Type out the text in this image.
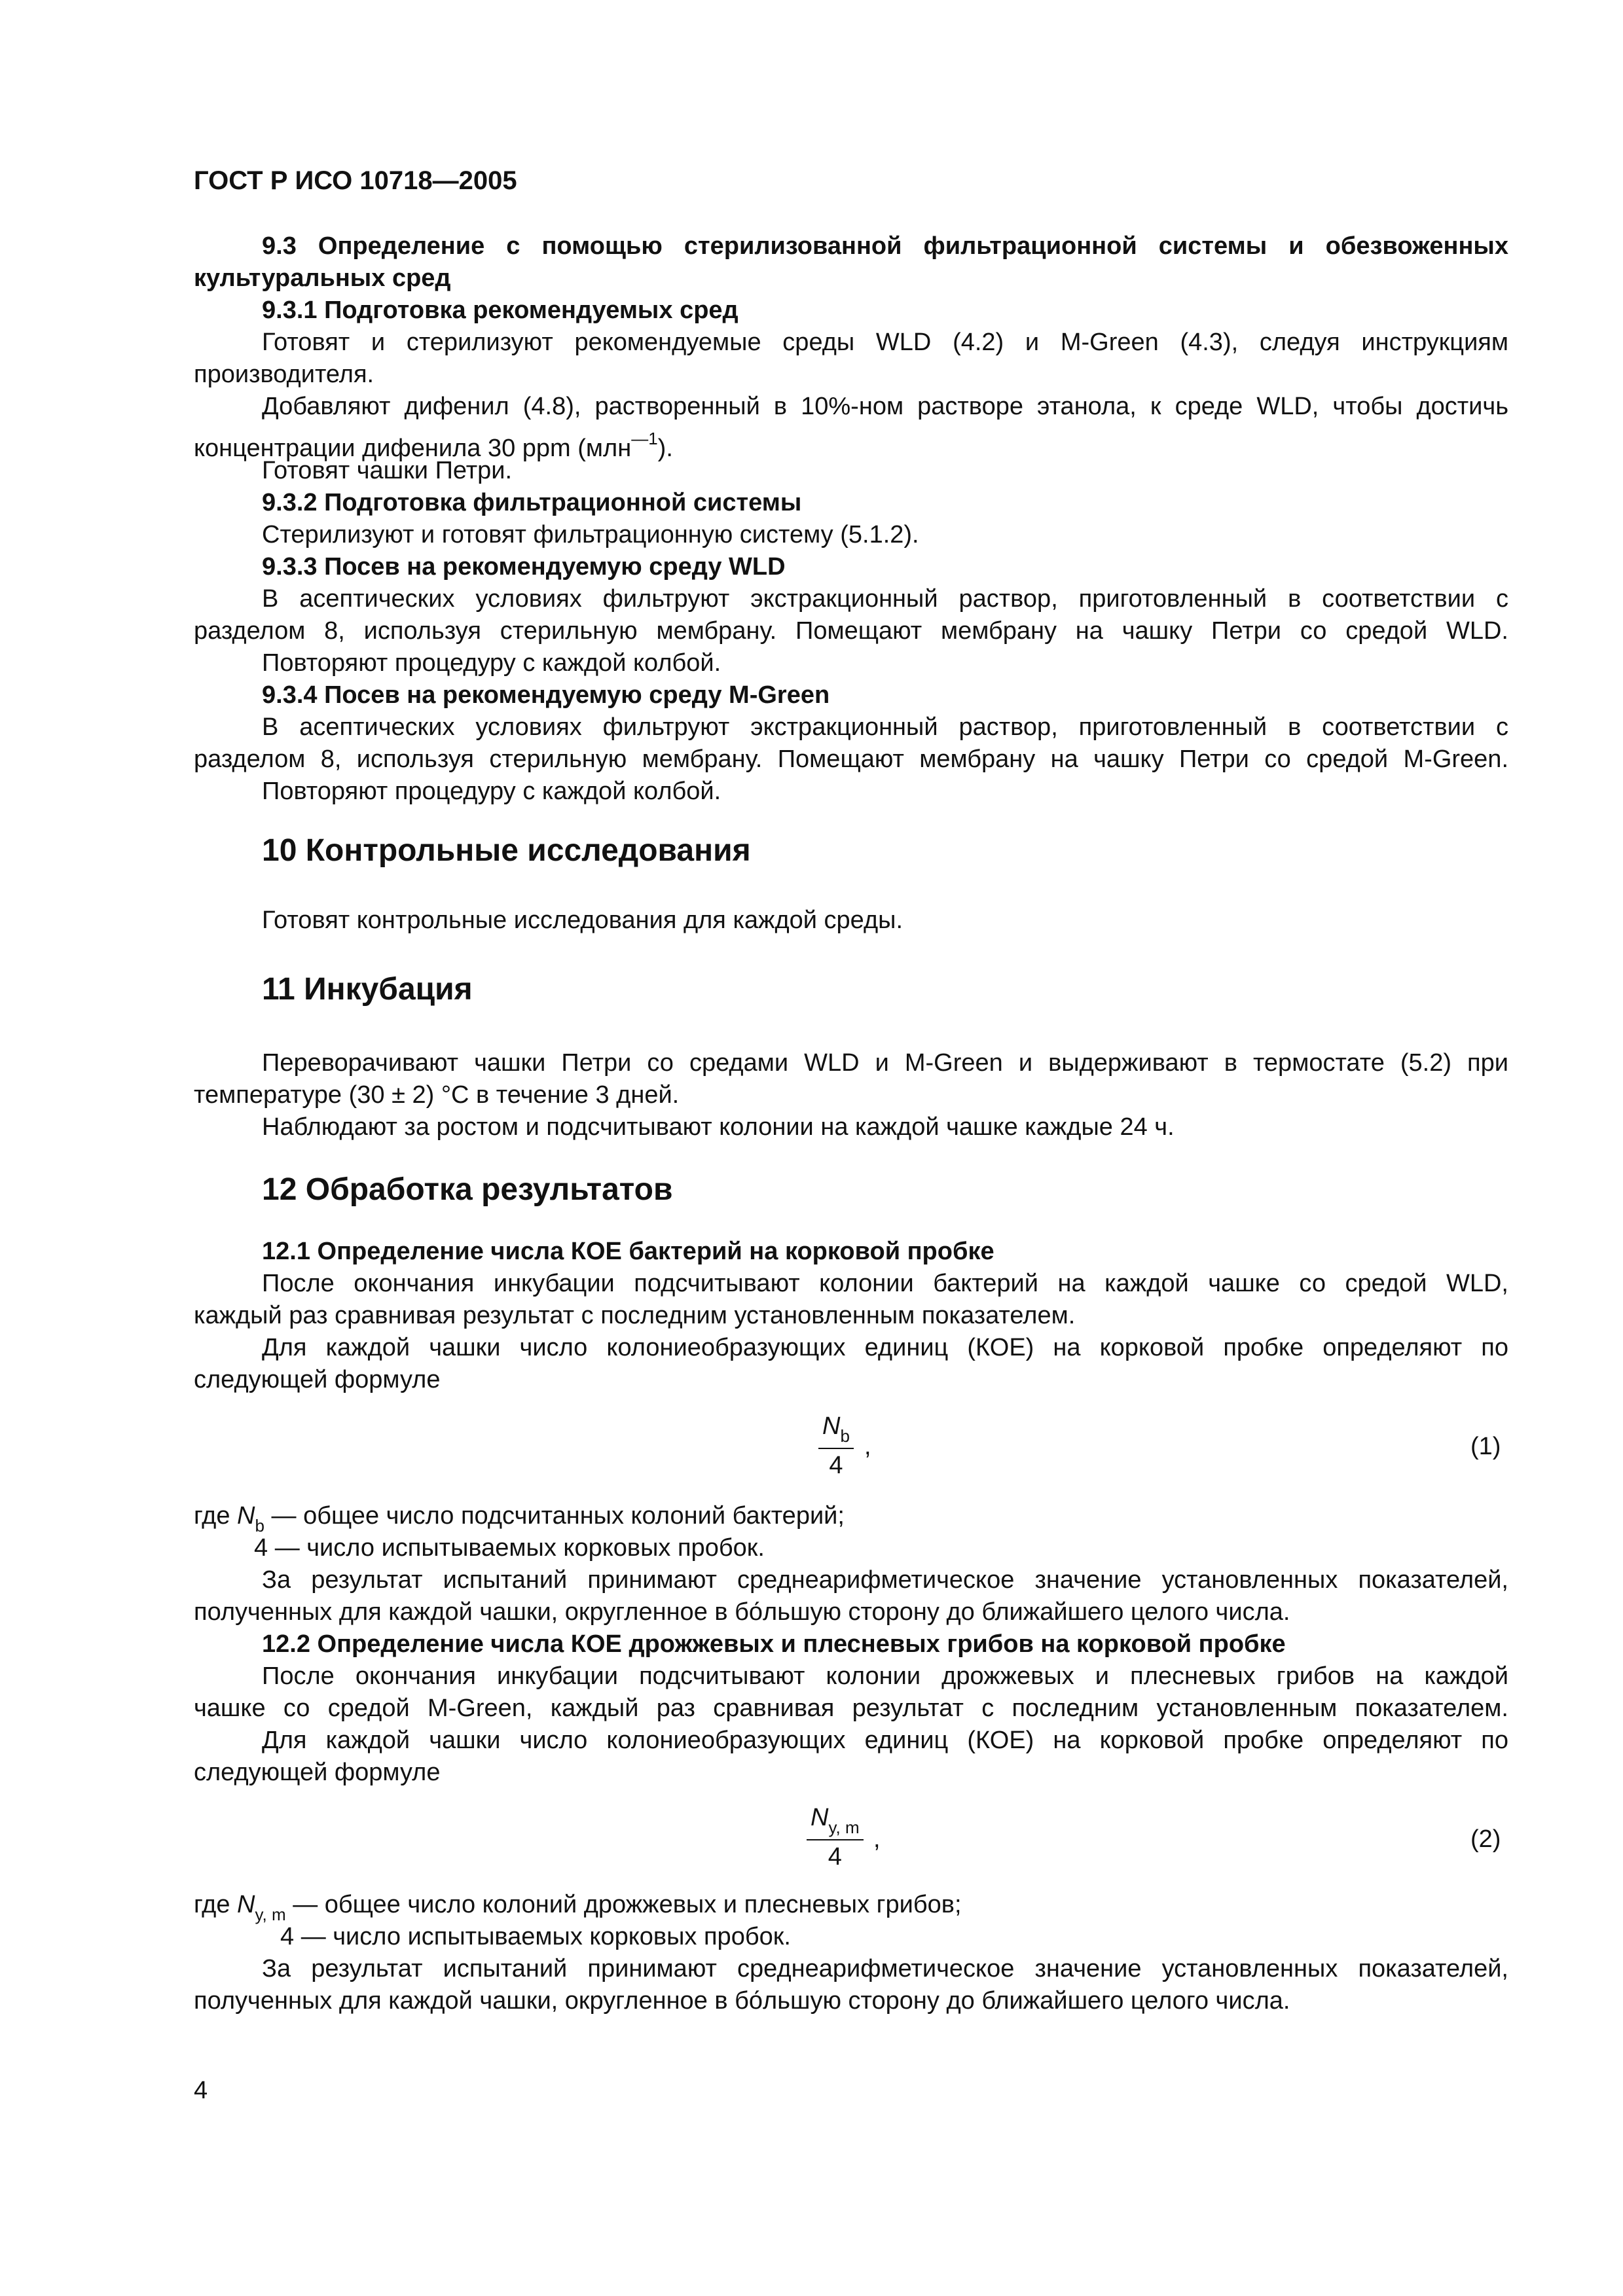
ГОСТ Р ИСО 10718—2005
9.3 Определение с помощью стерилизованной фильтрационной системы и обезвоженных
культуральных сред
9.3.1 Подготовка рекомендуемых сред
Готовят и стерилизуют рекомендуемые среды WLD (4.2) и M-Green (4.3), следуя инструкциям
производителя.
Добавляют дифенил (4.8), растворенный в 10%-ном растворе этанола, к среде WLD, чтобы достичь
концентрации дифенила 30 ppm (млн$^{—1}$).
Готовят чашки Петри.
9.3.2 Подготовка фильтрационной системы
Стерилизуют и готовят фильтрационную систему (5.1.2).
9.3.3 Посев на рекомендуемую среду WLD
В асептических условиях фильтруют экстракционный раствор, приготовленный в соответствии с
разделом 8, используя стерильную мембрану. Помещают мембрану на чашку Петри со средой WLD.
Повторяют процедуру с каждой колбой.
9.3.4 Посев на рекомендуемую среду M-Green
В асептических условиях фильтруют экстракционный раствор, приготовленный в соответствии с
разделом 8, используя стерильную мембрану. Помещают мембрану на чашку Петри со средой M-Green.
Повторяют процедуру с каждой колбой.
10 Контрольные исследования
Готовят контрольные исследования для каждой среды.
11 Инкубация
Переворачивают чашки Петри со средами WLD и M-Green и выдерживают в термостате (5.2) при
температуре (30 ± 2) °С в течение 3 дней.
Наблюдают за ростом и подсчитывают колонии на каждой чашке каждые 24 ч.
12 Обработка результатов
12.1 Определение числа КОЕ бактерий на корковой пробке
После окончания инкубации подсчитывают колонии бактерий на каждой чашке со средой WLD,
каждый раз сравнивая результат с последним установленным показателем.
Для каждой чашки число колониеобразующих единиц (КОЕ) на корковой пробке определяют по
следующей формуле
$\frac{N_b}{4}$ ,	(1)
где $N_b$ — общее число подсчитанных колоний бактерий;
4 — число испытываемых корковых пробок.
За результат испытаний принимают среднеарифметическое значение установленных показателей,
полученных для каждой чашки, округленное в бо́льшую сторону до ближайшего целого числа.
12.2 Определение числа КОЕ дрожжевых и плесневых грибов на корковой пробке
После окончания инкубации подсчитывают колонии дрожжевых и плесневых грибов на каждой
чашке со средой M-Green, каждый раз сравнивая результат с последним установленным показателем.
Для каждой чашки число колониеобразующих единиц (КОЕ) на корковой пробке определяют по
следующей формуле
$\frac{N_{y, m}}{4}$ ,	(2)
где $N_{y, m}$ — общее число колоний дрожжевых и плесневых грибов;
4 — число испытываемых корковых пробок.
За результат испытаний принимают среднеарифметическое значение установленных показателей,
полученных для каждой чашки, округленное в бо́льшую сторону до ближайшего целого числа.
4
